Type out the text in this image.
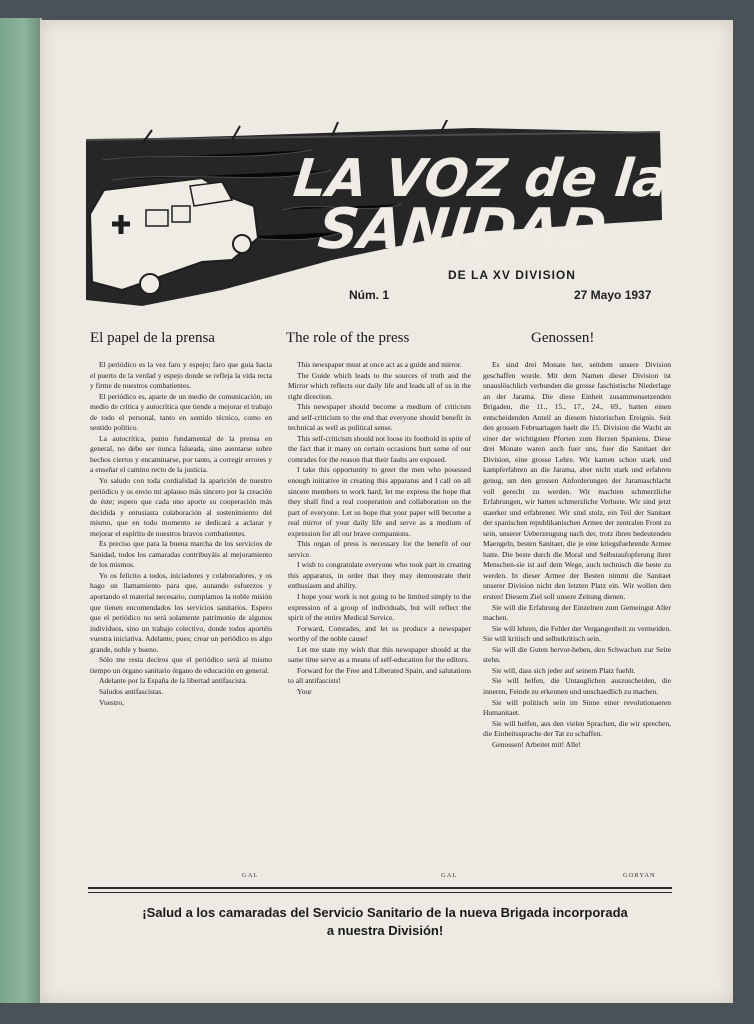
LA VOZ de la
SANIDAD
DE LA XV DIVISION
Núm. 1	27 Mayo 1937
El papel de la prensa	The role of the press	Genossen!

El periódico es la vez faro y espejo; faro que guia hacia el puerto de la verdad y espejo donde se refleja la vida recta y firme de nuestros combatientes.

El periódico es, aparte de un medio de comunicación, un medio de crítica y autocrítica que tiende a mejorar el trabajo de todo el personal, tanto en sentido técnico, como en sentido político.

La autocrítica, punto fundamental de la prensa en general, no debe ser nunca falseada, sino asentarse sobre hechos ciertos y encaminarse, por tanto, a corregir errores y a enseñar el camino recto de la justicia.

Yo saludo con toda cordialidad la aparición de nuestro periódico y os envio mi aplauso más sincero por la creación de éste; espero que cada uno aporte su cooperación más decidida y entusiasta colaboración al sostenimiento del mismo, que en todo momento se dedicará a aclarar y mejorar el espíritu de nuestros bravos combatientes.

Es preciso que para la buena marcha de los servicios de Sanidad, todos los camaradas contribuyáis al mejoramiento de los mismos.

Yo os felicito a todos, iniciadores y colaboradores, y os hago un llamamiento para que, aunando esfuerzos y aportando el material necesario, cumplamos la noble misión que tienen encomendados los servicios sanitarios. Espero que el periódico no será solamente patrimonio de algunos individuos, sino un trabajo colectivo, donde todos aportéis vuestra iniciativa. Adelante, pues; crear un periódico es algo grande, noble y bueno.

Sólo me resta deciros que el periódico será al mismo tiempo un órgano sanitario órgano de educación en general.

Adelante por la España de la libertad antifascista.

Saludos antifascistas.

Vuestro,

This newspaper must at once act as a guide and mirror.

The Guide which leads to the sources of truth and the Mirror which reflects our daily life and leads all of us in the right direction.

This newspaper should become a medium of criticism and self-criticism to the end that everyone should benefit in technical as well as political sense.

This self-criticism should not loose its foothold in spite of the fact that it many on certain occasions hurt some of our comrades for the reason that their faults are exposed.

I take this opportunity to greet the men who posessed enough initiative in creating this apparatus and I call on all sincere members to work hard; let me express the hope that they shall find a real cooperation and collaboration on the part of everyone. Let us hope that your paper will become a real mirror of your daily life and serve as a medium of expression for all our brave companions.

This organ of press is necessary for the benefit of our service.

I wish to congratulate everyone who took part in creating this apparatus, in order that they may demonstrate their enthusiasm and ability.

I hope your work is not going to be limited simply to the expression of a group of individuals, but will reflect the spirit of the entire Medical Service.

Forward, Comrades, and let us produce a newspaper worthy of the noble cause!

Let me state my wish that this newspaper should at the same time serve as a means of self-education for the editors.

Forward for the Free and Liberated Spain, and salutations to all antifascists!

Your

Es sind drei Monate her, seitdem unsere Division geschaffen wurde. Mit dem Namen dieser Division ist unauslöschlich verbunden die grosse faschistische Niederlage an der Jarama. Die diese Einheit zusammensetzenden Brigaden, die 11., 15., 17., 24., 69., hatten einen entscheidenden Anteil an diesem historischen Ereignis. Seit den grossen Februartagen haelt die 15. Division die Wacht an einer der wichtigsten Pforten zum Herzen Spaniens. Diese drei Monate waren auch fuer uns, fuer die Sanitaet der Division, eine grosse Lehre. Wir kamen schon stark und kampferfahren an die Jarama, aber nicht stark und erfahren genug, um den grossen Anforderungen der Jaramaschlacht voll gerecht zu werden. Wir machten schmerzliche Erfahrungen, wir hatten schmerzliche Verluste. Wir sind jetzt staerker und erfahrener. Wir sind stolz, ein Teil der Sanitaet der spanischen republikanischen Armee der zentralen Front zu sein, unserer Ueberzeugung nach der, trotz ihren bedeutenden Maengeln, besten Sanitaet, die je eine kriegsfuehrende Armee hatte. Die beste durch die Moral und Selbstaufopferung ihrer Menschen-sie ist auf dem Wege, auch technisch die beste zu werden. In dieser Armee der Besten nimmt die Sanitaet unserer Division nicht den letzten Platz ein. Wir wollen den ersten! Diesem Ziel soll unsere Zeitung dienen.

Sie will die Erfahrung der Einzelnen zum Gemeingut Aller machen.

Sie will lehren, die Fehler der Vergangenheit zu vermeiden. Sie will kritisch und selbstkritisch sein.

Sie will die Guten hervor-heben, den Schwachen zur Seite stehn.

Sie will, dass sich jeder auf seinem Platz fuehlt.

Sie will helfen, die Untauglichen auszuscheiden, die inneren, Feinde zu erkennen und unschaedlich zu machen.

Sie will politisch sein im Sinne einer revolutionaeren Humanitaet.

Sie will helfen, aus den vielen Sprachen, die wir sprechen, die Einheitssprache der Tat zu schaffen.

Genossen! Arbeitet mit! Alle!

GAL	GAL	GORYAN
¡Salud a los camaradas del Servicio Sanitario de la nueva Brigada incorporada
a nuestra División!
